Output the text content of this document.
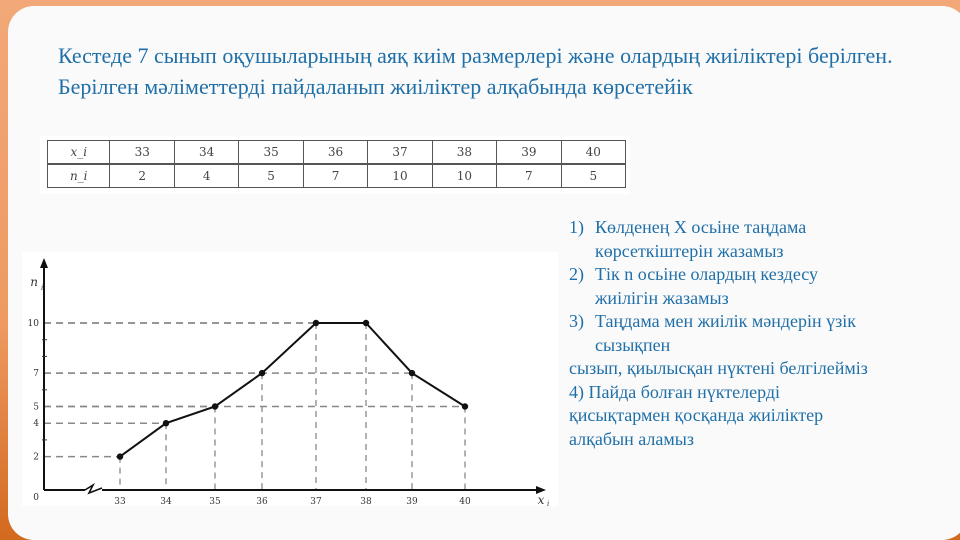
Кестеде 7 сынып оқушыларының аяқ киім размерлері және олардың жиіліктері берілген. Берілген мәліметтерді пайдаланып жиіліктер алқабында көрсетейік

x_i	33	34	35	36	37	38	39	40
n_i	2	4	5	7	10	10	7	5
2
4
5
7
10
33	34	35	36	37	38	39	40
0
n i
x i
1) Көлденең X осьіне таңдама
көрсеткіштерін жазамыз
2) Тік n осьіне олардың кездесу
жиілігін жазамыз
3) Таңдама мен жиілік мәндерін үзік
сызықпен
сызып, қиылысқан нүктені белгілейміз
4) Пайда болған нүктелерді
қисықтармен қосқанда жиіліктер
алқабын аламыз
